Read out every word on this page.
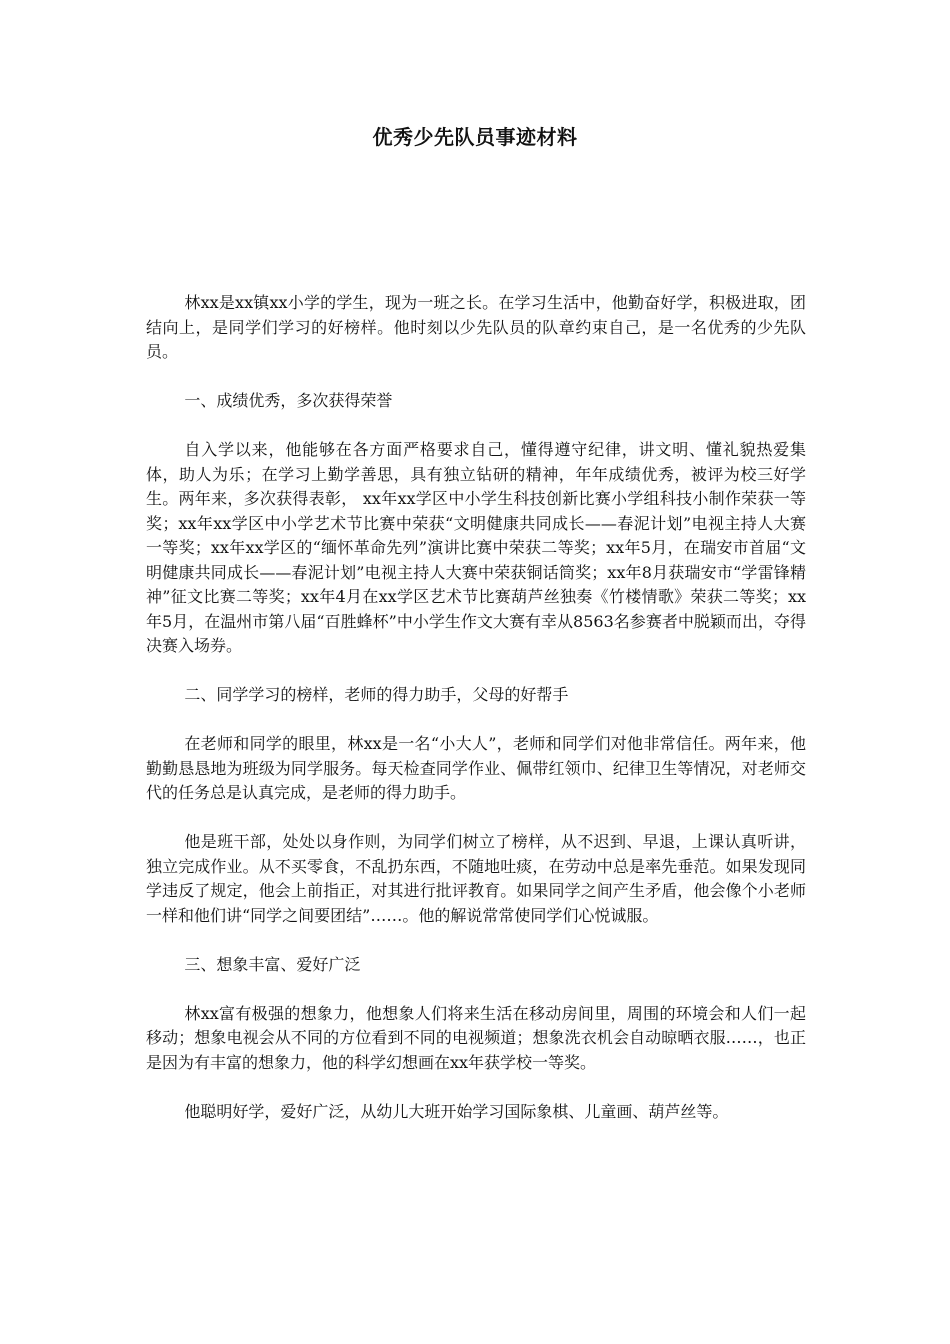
优秀少先队员事迹材料

林xx是xx镇xx小学的学生，现为一班之长。在学习生活中，他勤奋好学，积极进取，团结向上，是同学们学习的好榜样。他时刻以少先队员的队章约束自己，是一名优秀的少先队员。

一、成绩优秀，多次获得荣誉

自入学以来，他能够在各方面严格要求自己，懂得遵守纪律，讲文明、懂礼貌热爱集体，助人为乐；在学习上勤学善思，具有独立钻研的精神，年年成绩优秀，被评为校三好学生。两年来，多次获得表彰， xx年xx学区中小学生科技创新比赛小学组科技小制作荣获一等奖；xx年xx学区中小学艺术节比赛中荣获“文明健康共同成长——春泥计划”电视主持人大赛一等奖；xx年xx学区的“缅怀革命先列”演讲比赛中荣获二等奖；xx年5月，在瑞安市首届“文明健康共同成长——春泥计划”电视主持人大赛中荣获铜话筒奖；xx年8月获瑞安市“学雷锋精神”征文比赛二等奖；xx年4月在xx学区艺术节比赛葫芦丝独奏《竹楼情歌》荣获二等奖；xx年5月，在温州市第八届“百胜蜂杯”中小学生作文大赛有幸从8563名参赛者中脱颖而出，夺得决赛入场券。

二、同学学习的榜样，老师的得力助手，父母的好帮手

在老师和同学的眼里，林xx是一名“小大人”，老师和同学们对他非常信任。两年来，他勤勤恳恳地为班级为同学服务。每天检查同学作业、佩带红领巾、纪律卫生等情况，对老师交代的任务总是认真完成，是老师的得力助手。

他是班干部，处处以身作则，为同学们树立了榜样，从不迟到、早退，上课认真听讲，独立完成作业。从不买零食，不乱扔东西，不随地吐痰，在劳动中总是率先垂范。如果发现同学违反了规定，他会上前指正，对其进行批评教育。如果同学之间产生矛盾，他会像个小老师一样和他们讲“同学之间要团结”……。他的解说常常使同学们心悦诚服。

三、想象丰富、爱好广泛

林xx富有极强的想象力，他想象人们将来生活在移动房间里，周围的环境会和人们一起移动；想象电视会从不同的方位看到不同的电视频道；想象洗衣机会自动晾晒衣服……，也正是因为有丰富的想象力，他的科学幻想画在xx年获学校一等奖。

他聪明好学，爱好广泛，从幼儿大班开始学习国际象棋、儿童画、葫芦丝等。
